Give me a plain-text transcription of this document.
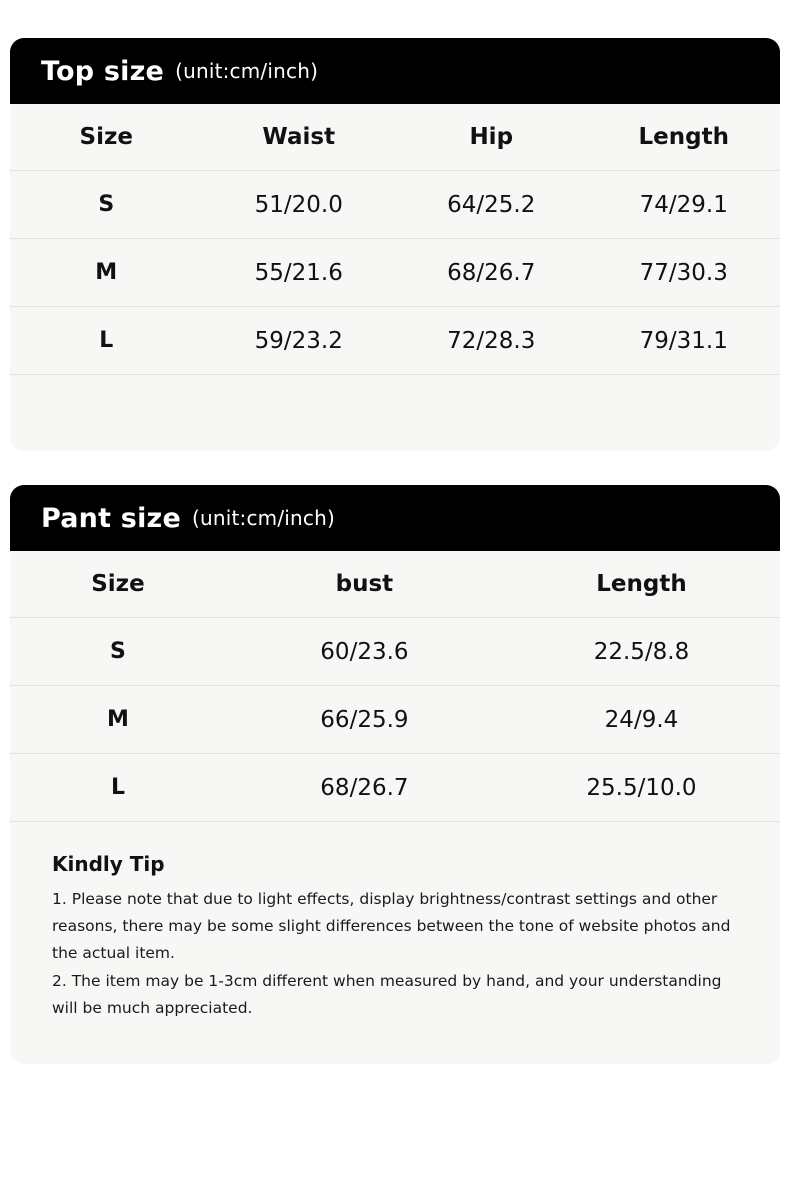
Top size (unit:cm/inch)
Size	Waist	Hip	Length
S	51/20.0	64/25.2	74/29.1
M	55/21.6	68/26.7	77/30.3
L	59/23.2	72/28.3	79/31.1
Pant size (unit:cm/inch)
Size	bust	Length
S	60/23.6	22.5/8.8
M	66/25.9	24/9.4
L	68/26.7	25.5/10.0
Kindly Tip

1. Please note that due to light effects, display brightness/contrast settings and other reasons, there may be some slight differences between the tone of website photos and the actual item.

2. The item may be 1-3cm different when measured by hand, and your understanding will be much appreciated.
